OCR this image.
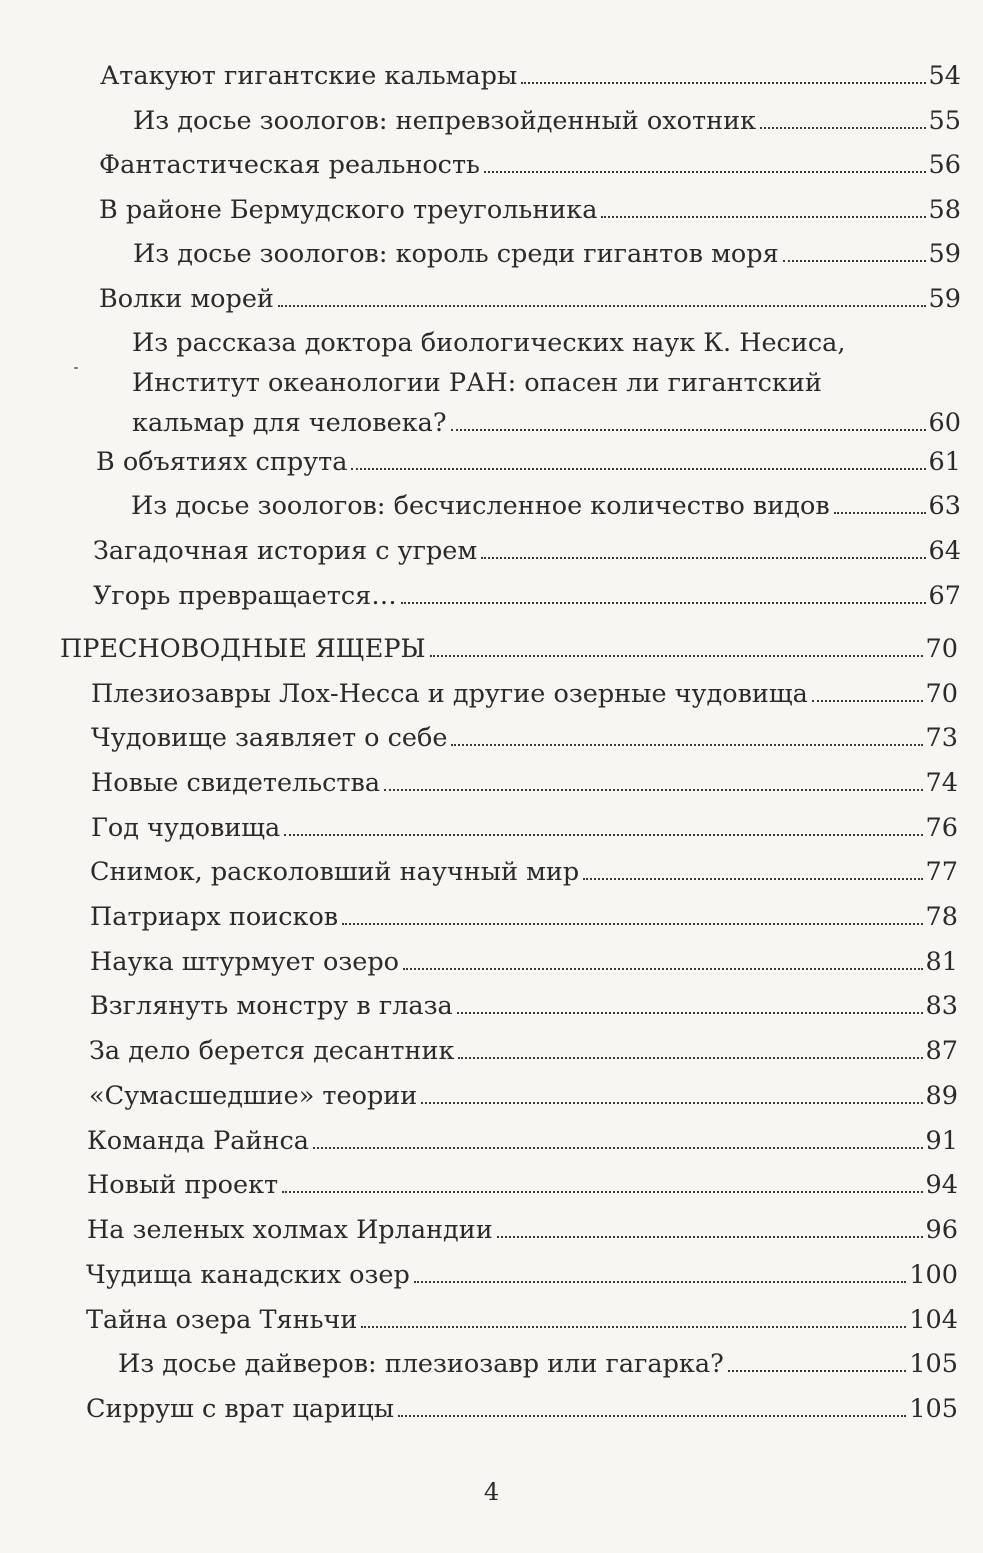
Атакуют гигантские кальмары	54
Из досье зоологов: непревзойденный охотник	55
Фантастическая реальность	56
В районе Бермудского треугольника	58
Из досье зоологов: король среди гигантов моря	59
Волки морей	59
Из рассказа доктора биологических наук К. Несиса,
Институт океанологии РАН: опасен ли гигантский
кальмар для человека?	60
В объятиях спрута	61
Из досье зоологов: бесчисленное количество видов	63
Загадочная история с угрем	64
Угорь превращается…	67
ПРЕСНОВОДНЫЕ ЯЩЕРЫ	70
Плезиозавры Лох-Несса и другие озерные чудовища	70
Чудовище заявляет о себе	73
Новые свидетельства	74
Год чудовища	76
Снимок, расколовший научный мир	77
Патриарх поисков	78
Наука штурмует озеро	81
Взглянуть монстру в глаза	83
За дело берется десантник	87
«Сумасшедшие» теории	89
Команда Райнса	91
Новый проект	94
На зеленых холмах Ирландии	96
Чудища канадских озер	100
Тайна озера Тяньчи	104
Из досье дайверов: плезиозавр или гагарка?	105
Сирруш с врат царицы	105
4
